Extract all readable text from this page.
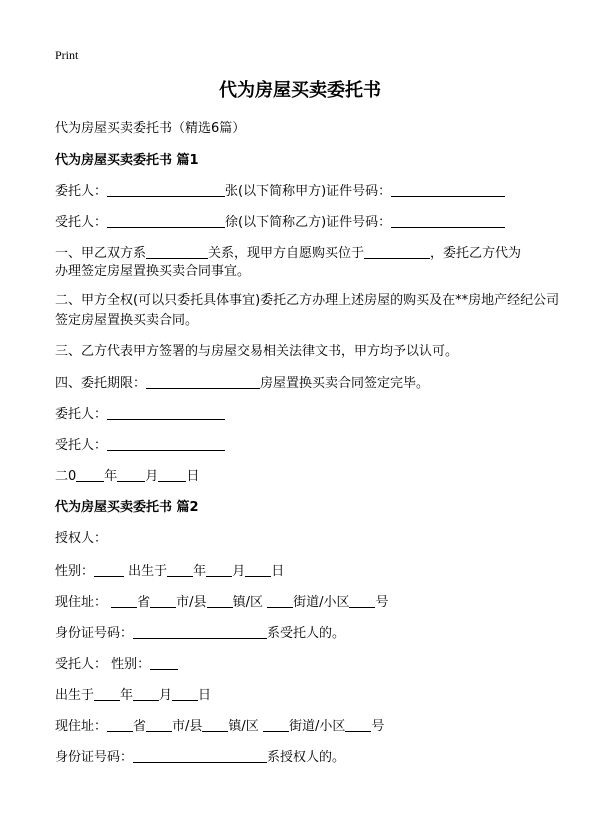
Print
代为房屋买卖委托书
代为房屋买卖委托书（精选6篇）
代为房屋买卖委托书 篇1
委托人：	张(以下简称甲方)证件号码：
受托人：	徐(以下简称乙方)证件号码：
一、甲乙双方系	关系，现甲方自愿购买位于	，委托乙方代为
办理签定房屋置换买卖合同事宜。
二、甲方全权(可以只委托具体事宜)委托乙方办理上述房屋的购买及在**房地产经纪公司签定房屋置换买卖合同。
三、乙方代表甲方签署的与房屋交易相关法律文书，甲方均予以认可。
四、委托期限：	房屋置换买卖合同签定完毕。
委托人：
受托人：
二0 年 月 日
代为房屋买卖委托书 篇2
授权人：
性别：	出生于 年 月 日
现住址： 省 市/县 镇/区 街道/小区 号
身份证号码：	系受托人的。
受托人： 性别：
出生于 年 月 日
现住址： 省 市/县 镇/区 街道/小区 号
身份证号码：	系授权人的。
